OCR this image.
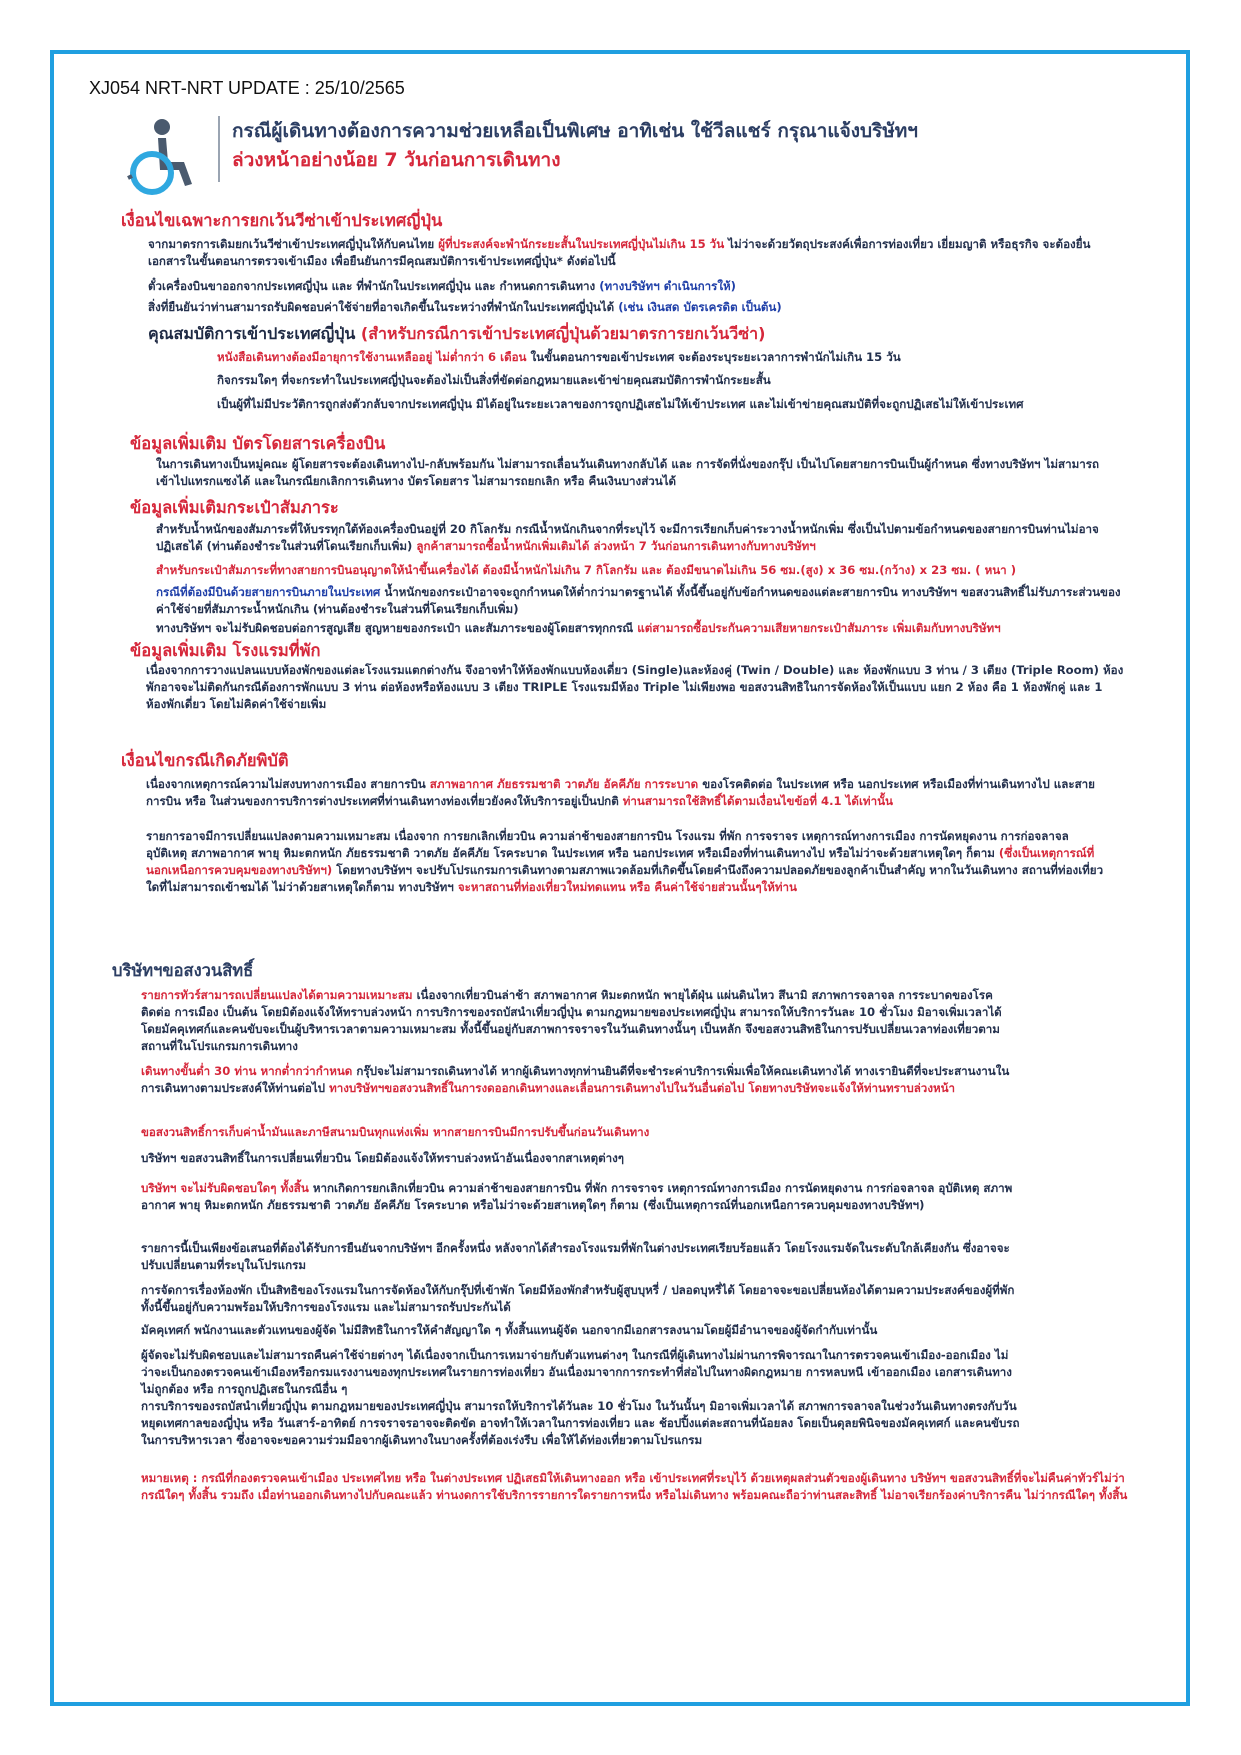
XJ054 NRT-NRT UPDATE : 25/10/2565
กรณีผู้เดินทางต้องการความช่วยเหลือเป็นพิเศษ อาทิเช่น ใช้วีลแชร์ กรุณาแจ้งบริษัทฯ
ล่วงหน้าอย่างน้อย 7 วันก่อนการเดินทาง
เงื่อนไขเฉพาะการยกเว้นวีซ่าเข้าประเทศญี่ปุ่น
จากมาตรการเดิมยกเว้นวีซ่าเข้าประเทศญี่ปุ่นให้กับคนไทย ผู้ที่ประสงค์จะพำนักระยะสั้นในประเทศญี่ปุ่นไม่เกิน 15 วัน ไม่ว่าจะด้วยวัตถุประสงค์เพื่อการท่องเที่ยว เยี่ยมญาติ หรือธุรกิจ จะต้องยื่นเอกสารในขั้นตอนการตรวจเข้าเมือง เพื่อยืนยันการมีคุณสมบัติการเข้าประเทศญี่ปุ่น* ดังต่อไปนี้
ตั๋วเครื่องบินขาออกจากประเทศญี่ปุ่น และ ที่พำนักในประเทศญี่ปุ่น และ กำหนดการเดินทาง (ทางบริษัทฯ ดำเนินการให้)
สิ่งที่ยืนยันว่าท่านสามารถรับผิดชอบค่าใช้จ่ายที่อาจเกิดขึ้นในระหว่างที่พำนักในประเทศญี่ปุ่นได้ (เช่น เงินสด บัตรเครดิต เป็นต้น)
คุณสมบัติการเข้าประเทศญี่ปุ่น (สำหรับกรณีการเข้าประเทศญี่ปุ่นด้วยมาตรการยกเว้นวีซ่า)
หนังสือเดินทางต้องมีอายุการใช้งานเหลืออยู่ ไม่ต่ำกว่า 6 เดือน ในขั้นตอนการขอเข้าประเทศ จะต้องระบุระยะเวลาการพำนักไม่เกิน 15 วัน
กิจกรรมใดๆ ที่จะกระทำในประเทศญี่ปุ่นจะต้องไม่เป็นสิ่งที่ขัดต่อกฎหมายและเข้าข่ายคุณสมบัติการพำนักระยะสั้น
เป็นผู้ที่ไม่มีประวัติการถูกส่งตัวกลับจากประเทศญี่ปุ่น มิได้อยู่ในระยะเวลาของการถูกปฏิเสธไม่ให้เข้าประเทศ และไม่เข้าข่ายคุณสมบัติที่จะถูกปฏิเสธไม่ให้เข้าประเทศ
ข้อมูลเพิ่มเติม บัตรโดยสารเครื่องบิน
ในการเดินทางเป็นหมู่คณะ ผู้โดยสารจะต้องเดินทางไป-กลับพร้อมกัน ไม่สามารถเลื่อนวันเดินทางกลับได้ และ การจัดที่นั่งของกรุ๊ป เป็นไปโดยสายการบินเป็นผู้กำหนด ซึ่งทางบริษัทฯ ไม่สามารถเข้าไปแทรกแซงได้ และในกรณียกเลิกการเดินทาง บัตรโดยสาร ไม่สามารถยกเลิก หรือ คืนเงินบางส่วนได้
ข้อมูลเพิ่มเติมกระเป๋าสัมภาระ
สำหรับน้ำหนักของสัมภาระที่ให้บรรทุกใต้ท้องเครื่องบินอยู่ที่ 20 กิโลกรัม กรณีน้ำหนักเกินจากที่ระบุไว้ จะมีการเรียกเก็บค่าระวางน้ำหนักเพิ่ม ซึ่งเป็นไปตามข้อกำหนดของสายการบินท่านไม่อาจปฏิเสธได้ (ท่านต้องชำระในส่วนที่โดนเรียกเก็บเพิ่ม) ลูกค้าสามารถซื้อน้ำหนักเพิ่มเติมได้ ล่วงหน้า 7 วันก่อนการเดินทางกับทางบริษัทฯ
สำหรับกระเป๋าสัมภาระที่ทางสายการบินอนุญาตให้นำขึ้นเครื่องได้ ต้องมีน้ำหนักไม่เกิน 7 กิโลกรัม และ ต้องมีขนาดไม่เกิน 56 ซม.(สูง) x 36 ซม.(กว้าง) x 23 ซม. ( หนา )
กรณีที่ต้องมีบินด้วยสายการบินภายในประเทศ น้ำหนักของกระเป๋าอาจจะถูกกำหนดให้ต่ำกว่ามาตรฐานได้ ทั้งนี้ขึ้นอยู่กับข้อกำหนดของแต่ละสายการบิน ทางบริษัทฯ ขอสงวนสิทธิ์ไม่รับภาระส่วนของค่าใช้จ่ายที่สัมภาระน้ำหนักเกิน (ท่านต้องชำระในส่วนที่โดนเรียกเก็บเพิ่ม)
ทางบริษัทฯ จะไม่รับผิดชอบต่อการสูญเสีย สูญหายของกระเป๋า และสัมภาระของผู้โดยสารทุกกรณี แต่สามารถซื้อประกันความเสียหายกระเป๋าสัมภาระ เพิ่มเติมกับทางบริษัทฯ
ข้อมูลเพิ่มเติม โรงแรมที่พัก
เนื่องจากการวางแปลนแบบห้องพักของแต่ละโรงแรมแตกต่างกัน จึงอาจทำให้ห้องพักแบบห้องเดี่ยว (Single)และห้องคู่ (Twin / Double) และ ห้องพักแบบ 3 ท่าน / 3 เตียง (Triple Room) ห้องพักอาจจะไม่ติดกันกรณีต้องการพักแบบ 3 ท่าน ต่อห้องหรือห้องแบบ 3 เตียง TRIPLE โรงแรมมีห้อง Triple ไม่เพียงพอ ขอสงวนสิทธิในการจัดห้องให้เป็นแบบ แยก 2 ห้อง คือ 1 ห้องพักคู่ และ 1 ห้องพักเดี่ยว โดยไม่คิดค่าใช้จ่ายเพิ่ม
เงื่อนไขกรณีเกิดภัยพิบัติ
เนื่องจากเหตุการณ์ความไม่สงบทางการเมือง สายการบิน สภาพอากาศ ภัยธรรมชาติ วาตภัย อัคคีภัย การระบาด ของโรคติดต่อ ในประเทศ หรือ นอกประเทศ หรือเมืองที่ท่านเดินทางไป และสายการบิน หรือ ในส่วนของการบริการต่างประเทศที่ท่านเดินทางท่องเที่ยวยังคงให้บริการอยู่เป็นปกติ ท่านสามารถใช้สิทธิ์ได้ตามเงื่อนไขข้อที่ 4.1 ได้เท่านั้น
รายการอาจมีการเปลี่ยนแปลงตามความเหมาะสม เนื่องจาก การยกเลิกเที่ยวบิน ความล่าช้าของสายการบิน โรงแรม ที่พัก การจราจร เหตุการณ์ทางการเมือง การนัดหยุดงาน การก่อจลาจล อุบัติเหตุ สภาพอากาศ พายุ หิมะตกหนัก ภัยธรรมชาติ วาตภัย อัคคีภัย โรคระบาด ในประเทศ หรือ นอกประเทศ หรือเมืองที่ท่านเดินทางไป หรือไม่ว่าจะด้วยสาเหตุใดๆ ก็ตาม (ซึ่งเป็นเหตุการณ์ที่นอกเหนือการควบคุมของทางบริษัทฯ) โดยทางบริษัทฯ จะปรับโปรแกรมการเดินทางตามสภาพแวดล้อมที่เกิดขึ้นโดยคำนึงถึงความปลอดภัยของลูกค้าเป็นสำคัญ หากในวันเดินทาง สถานที่ท่องเที่ยวใดที่ไม่สามารถเข้าชมได้ ไม่ว่าด้วยสาเหตุใดก็ตาม ทางบริษัทฯ จะหาสถานที่ท่องเที่ยวใหม่ทดแทน หรือ คืนค่าใช้จ่ายส่วนนั้นๆให้ท่าน
บริษัทฯขอสงวนสิทธิ์
รายการทัวร์สามารถเปลี่ยนแปลงได้ตามความเหมาะสม เนื่องจากเที่ยวบินล่าช้า สภาพอากาศ หิมะตกหนัก พายุไต้ฝุ่น แผ่นดินไหว สึนามิ สภาพการจลาจล การระบาดของโรคติดต่อ การเมือง เป็นต้น โดยมิต้องแจ้งให้ทราบล่วงหน้า การบริการของรถบัสนำเที่ยวญี่ปุ่น ตามกฎหมายของประเทศญี่ปุ่น สามารถให้บริการวันละ 10 ชั่วโมง มิอาจเพิ่มเวลาได้ โดยมัคคุเทศก์และคนขับจะเป็นผู้บริหารเวลาตามความเหมาะสม ทั้งนี้ขึ้นอยู่กับสภาพการจราจรในวันเดินทางนั้นๆ เป็นหลัก จึงขอสงวนสิทธิในการปรับเปลี่ยนเวลาท่องเที่ยวตามสถานที่ในโปรแกรมการเดินทาง
เดินทางขั้นต่ำ 30 ท่าน หากต่ำกว่ากำหนด กรุ๊ปจะไม่สามารถเดินทางได้ หากผู้เดินทางทุกท่านยินดีที่จะชำระค่าบริการเพิ่มเพื่อให้คณะเดินทางได้ ทางเรายินดีที่จะประสานงานในการเดินทางตามประสงค์ให้ท่านต่อไป ทางบริษัทฯขอสงวนสิทธิ์ในการงดออกเดินทางและเลื่อนการเดินทางไปในวันอื่นต่อไป โดยทางบริษัทจะแจ้งให้ท่านทราบล่วงหน้า
ขอสงวนสิทธิ์การเก็บค่าน้ำมันและภาษีสนามบินทุกแห่งเพิ่ม หากสายการบินมีการปรับขึ้นก่อนวันเดินทาง
บริษัทฯ ขอสงวนสิทธิ์ในการเปลี่ยนเที่ยวบิน โดยมิต้องแจ้งให้ทราบล่วงหน้าอันเนื่องจากสาเหตุต่างๆ
บริษัทฯ จะไม่รับผิดชอบใดๆ ทั้งสิ้น หากเกิดการยกเลิกเที่ยวบิน ความล่าช้าของสายการบิน ที่พัก การจราจร เหตุการณ์ทางการเมือง การนัดหยุดงาน การก่อจลาจล อุบัติเหตุ สภาพอากาศ พายุ หิมะตกหนัก ภัยธรรมชาติ วาตภัย อัคคีภัย โรคระบาด หรือไม่ว่าจะด้วยสาเหตุใดๆ ก็ตาม (ซึ่งเป็นเหตุการณ์ที่นอกเหนือการควบคุมของทางบริษัทฯ)
รายการนี้เป็นเพียงข้อเสนอที่ต้องได้รับการยืนยันจากบริษัทฯ อีกครั้งหนึ่ง หลังจากได้สำรองโรงแรมที่พักในต่างประเทศเรียบร้อยแล้ว โดยโรงแรมจัดในระดับใกล้เคียงกัน ซึ่งอาจจะปรับเปลี่ยนตามที่ระบุในโปรแกรม
การจัดการเรื่องห้องพัก เป็นสิทธิของโรงแรมในการจัดห้องให้กับกรุ๊ปที่เข้าพัก โดยมีห้องพักสำหรับผู้สูบบุหรี่ / ปลอดบุหรี่ได้ โดยอาจจะขอเปลี่ยนห้องได้ตามความประสงค์ของผู้ที่พัก ทั้งนี้ขึ้นอยู่กับความพร้อมให้บริการของโรงแรม และไม่สามารถรับประกันได้
มัคคุเทศก์ พนักงานและตัวแทนของผู้จัด ไม่มีสิทธิในการให้คำสัญญาใด ๆ ทั้งสิ้นแทนผู้จัด นอกจากมีเอกสารลงนามโดยผู้มีอำนาจของผู้จัดกำกับเท่านั้น
ผู้จัดจะไม่รับผิดชอบและไม่สามารถคืนค่าใช้จ่ายต่างๆ ได้เนื่องจากเป็นการเหมาจ่ายกับตัวแทนต่างๆ ในกรณีที่ผู้เดินทางไม่ผ่านการพิจารณาในการตรวจคนเข้าเมือง-ออกเมือง ไม่ว่าจะเป็นกองตรวจคนเข้าเมืองหรือกรมแรงงานของทุกประเทศในรายการท่องเที่ยว อันเนื่องมาจากการกระทำที่ส่อไปในทางผิดกฎหมาย การหลบหนี เข้าออกเมือง เอกสารเดินทางไม่ถูกต้อง หรือ การถูกปฏิเสธในกรณีอื่น ๆ
การบริการของรถบัสนำเที่ยวญี่ปุ่น ตามกฎหมายของประเทศญี่ปุ่น สามารถให้บริการได้วันละ 10 ชั่วโมง ในวันนั้นๆ มิอาจเพิ่มเวลาได้ สภาพการจลาจลในช่วงวันเดินทางตรงกับวันหยุดเทศกาลของญี่ปุ่น หรือ วันเสาร์-อาทิตย์ การจราจรอาจจะติดขัด อาจทำให้เวลาในการท่องเที่ยว และ ช้อปปิ้งแต่ละสถานที่น้อยลง โดยเป็นดุลยพินิจของมัคคุเทศก์ และคนขับรถในการบริหารเวลา ซึ่งอาจจะขอความร่วมมือจากผู้เดินทางในบางครั้งที่ต้องเร่งรีบ เพื่อให้ได้ท่องเที่ยวตามโปรแกรม
หมายเหตุ : กรณีที่กองตรวจคนเข้าเมือง ประเทศไทย หรือ ในต่างประเทศ ปฏิเสธมิให้เดินทางออก หรือ เข้าประเทศที่ระบุไว้ ด้วยเหตุผลส่วนตัวของผู้เดินทาง บริษัทฯ ขอสงวนสิทธิ์ที่จะไม่คืนค่าทัวร์ไม่ว่ากรณีใดๆ ทั้งสิ้น รวมถึง เมื่อท่านออกเดินทางไปกับคณะแล้ว ท่านงดการใช้บริการรายการใดรายการหนึ่ง หรือไม่เดินทาง พร้อมคณะถือว่าท่านสละสิทธิ์ ไม่อาจเรียกร้องค่าบริการคืน ไม่ว่ากรณีใดๆ ทั้งสิ้น
